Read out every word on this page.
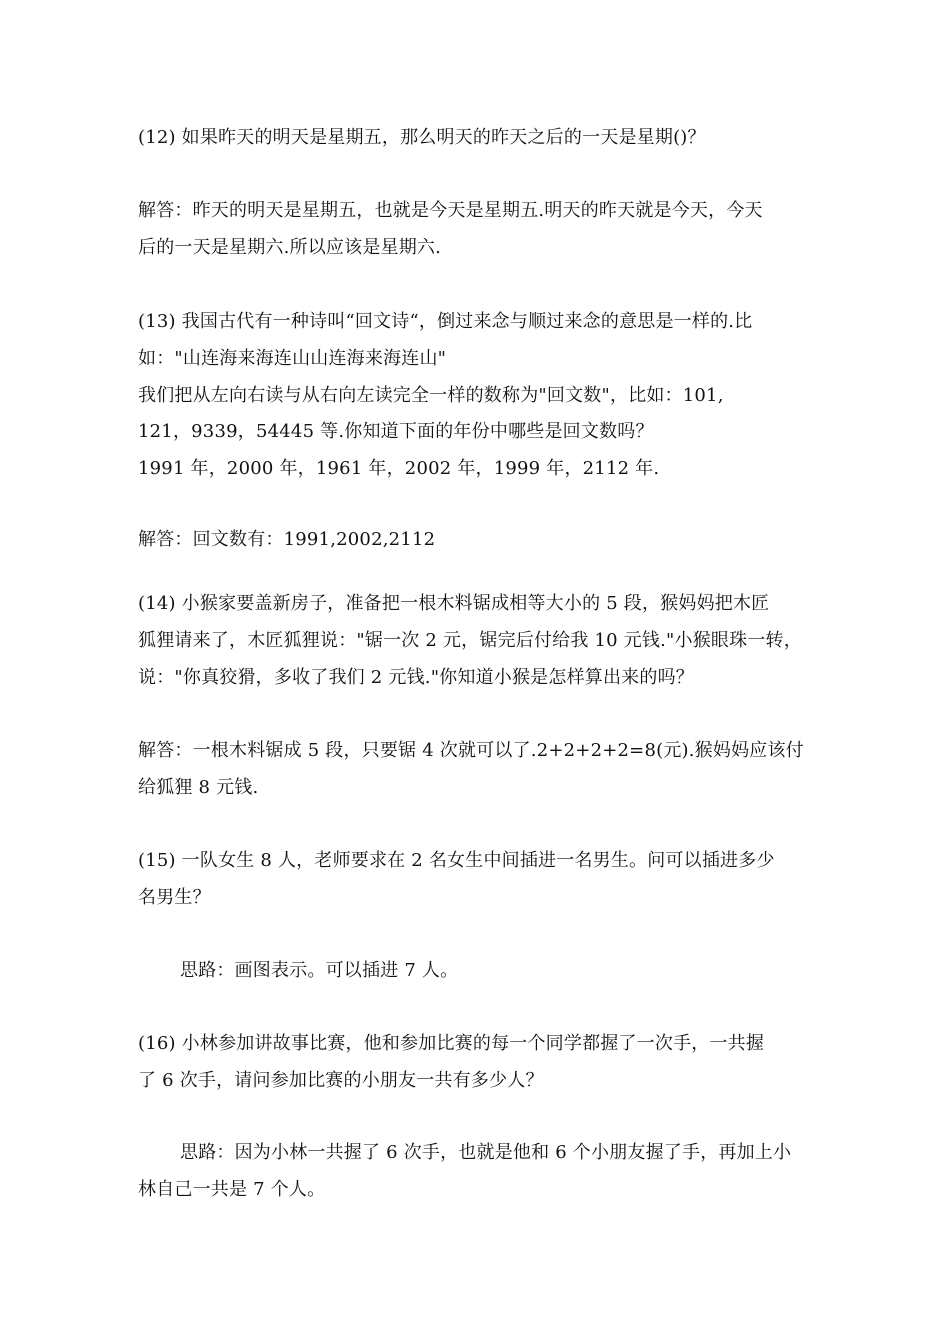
(12) 如果昨天的明天是星期五，那么明天的昨天之后的一天是星期()？
解答：昨天的明天是星期五，也就是今天是星期五.明天的昨天就是今天，今天
后的一天是星期六.所以应该是星期六.
(13) 我国古代有一种诗叫“回文诗“，倒过来念与顺过来念的意思是一样的.比
如："山连海来海连山山连海来海连山"
我们把从左向右读与从右向左读完全一样的数称为"回文数"，比如：101,
121，9339，54445 等.你知道下面的年份中哪些是回文数吗？
1991 年，2000 年，1961 年，2002 年，1999 年，2112 年.
解答：回文数有：1991,2002,2112
(14) 小猴家要盖新房子，准备把一根木料锯成相等大小的 5 段，猴妈妈把木匠
狐狸请来了，木匠狐狸说："锯一次 2 元，锯完后付给我 10 元钱."小猴眼珠一转，
说："你真狡猾，多收了我们 2 元钱."你知道小猴是怎样算出来的吗？
解答：一根木料锯成 5 段，只要锯 4 次就可以了.2+2+2+2=8(元).猴妈妈应该付
给狐狸 8 元钱.
(15) 一队女生 8 人，老师要求在 2 名女生中间插进一名男生。问可以插进多少
名男生？
思路：画图表示。可以插进 7 人。
(16) 小林参加讲故事比赛，他和参加比赛的每一个同学都握了一次手，一共握
了 6 次手，请问参加比赛的小朋友一共有多少人？
思路：因为小林一共握了 6 次手，也就是他和 6 个小朋友握了手，再加上小
林自己一共是 7 个人。
